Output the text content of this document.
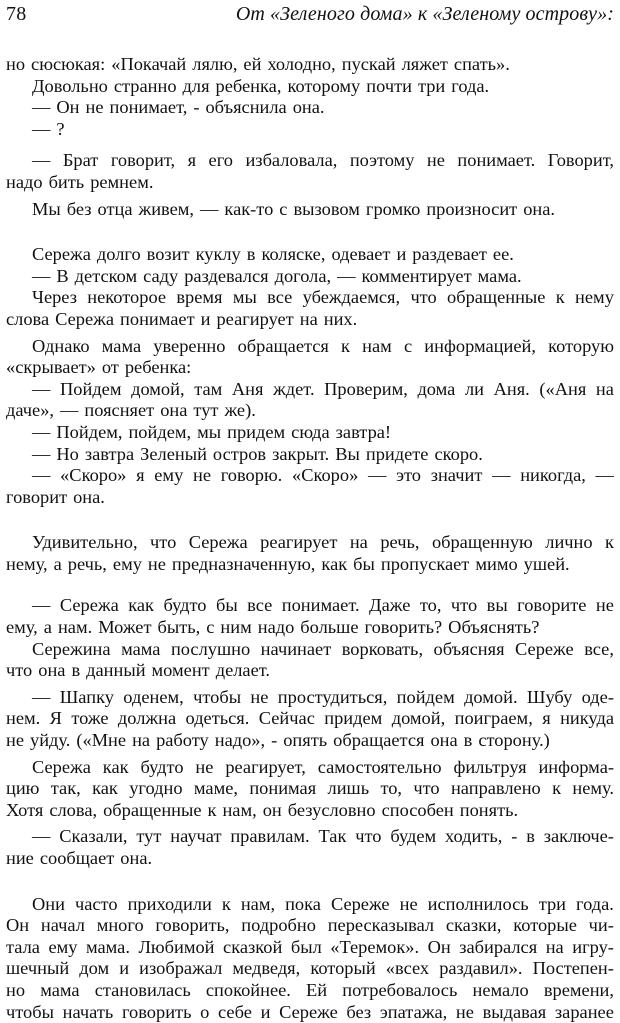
78	От «Зеленого дома» к «Зеленому острову»:
но сюсюкая: «Покачай лялю, ей холодно, пускай ляжет спать».
Довольно странно для ребенка, которому почти три года.
— Он не понимает, - объяснила она.
— ?
— Брат говорит, я его избаловала, поэтому не понимает. Говорит,
надо бить ремнем.
Мы без отца живем, — как-то с вызовом громко произносит она.
Сережа долго возит куклу в коляске, одевает и раздевает ее.
— В детском саду раздевался догола, — комментирует мама.
Через некоторое время мы все убеждаемся, что обращенные к нему
слова Сережа понимает и реагирует на них.
Однако мама уверенно обращается к нам с информацией, которую
«скрывает» от ребенка:
— Пойдем домой, там Аня ждет. Проверим, дома ли Аня. («Аня на
даче», — поясняет она тут же).
— Пойдем, пойдем, мы придем сюда завтра!
— Но завтра Зеленый остров закрыт. Вы придете скоро.
— «Скоро» я ему не говорю. «Скоро» — это значит — никогда, —
говорит она.
Удивительно, что Сережа реагирует на речь, обращенную лично к
нему, а речь, ему не предназначенную, как бы пропускает мимо ушей.
— Сережа как будто бы все понимает. Даже то, что вы говорите не
ему, а нам. Может быть, с ним надо больше говорить? Объяснять?
Сережина мама послушно начинает ворковать, объясняя Сереже все,
что она в данный момент делает.
— Шапку оденем, чтобы не простудиться, пойдем домой. Шубу оде-
нем. Я тоже должна одеться. Сейчас придем домой, поиграем, я никуда
не уйду. («Мне на работу надо», - опять обращается она в сторону.)
Сережа как будто не реагирует, самостоятельно фильтруя информа-
цию так, как угодно маме, понимая лишь то, что направлено к нему.
Хотя слова, обращенные к нам, он безусловно способен понять.
— Сказали, тут научат правилам. Так что будем ходить, - в заключе-
ние сообщает она.
Они часто приходили к нам, пока Сереже не исполнилось три года.
Он начал много говорить, подробно пересказывал сказки, которые чи-
тала ему мама. Любимой сказкой был «Теремок». Он забирался на игру-
шечный дом и изображал медведя, который «всех раздавил». Постепен-
но мама становилась спокойнее. Ей потребовалось немало времени,
чтобы начать говорить о себе и Сереже без эпатажа, не выдавая заранее
